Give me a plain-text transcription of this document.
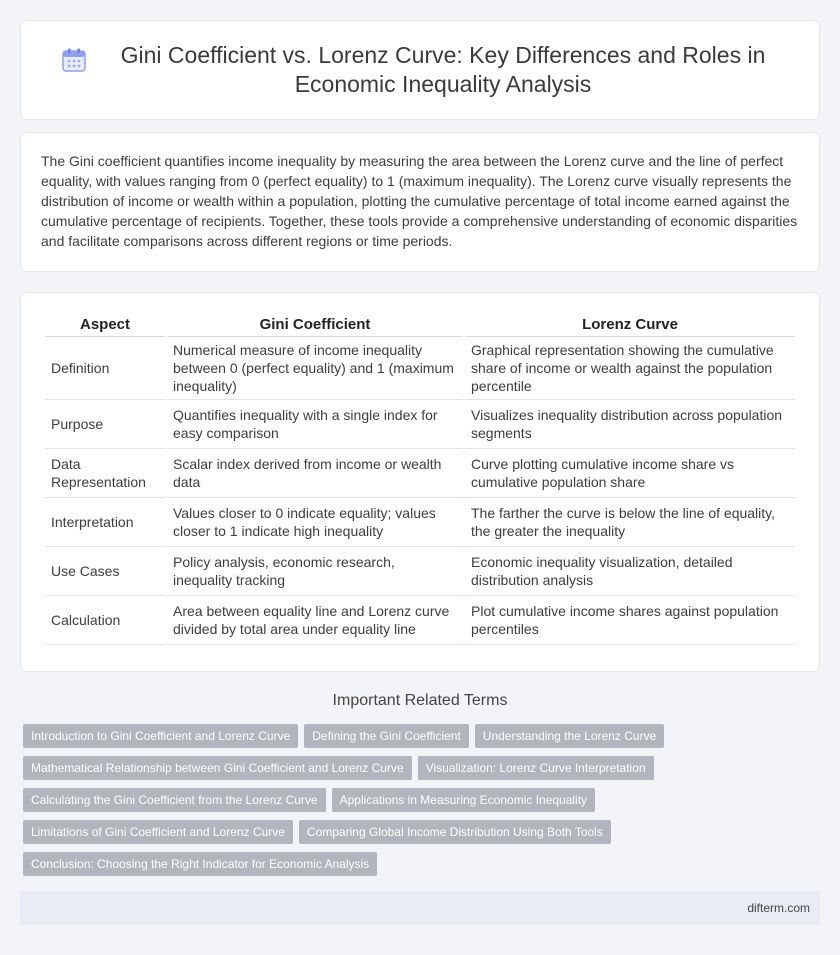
Gini Coefficient vs. Lorenz Curve: Key Differences and Roles in Economic Inequality Analysis

The Gini coefficient quantifies income inequality by measuring the area between the Lorenz curve and the line of perfect equality, with values ranging from 0 (perfect equality) to 1 (maximum inequality). The Lorenz curve visually represents the distribution of income or wealth within a population, plotting the cumulative percentage of total income earned against the cumulative percentage of recipients. Together, these tools provide a comprehensive understanding of economic disparities and facilitate comparisons across different regions or time periods.

Aspect	Gini Coefficient	Lorenz Curve
Definition	Numerical measure of income inequality between 0 (perfect equality) and 1 (maximum inequality)	Graphical representation showing the cumulative share of income or wealth against the population percentile
Purpose	Quantifies inequality with a single index for easy comparison	Visualizes inequality distribution across population segments
Data Representation	Scalar index derived from income or wealth data	Curve plotting cumulative income share vs cumulative population share
Interpretation	Values closer to 0 indicate equality; values closer to 1 indicate high inequality	The farther the curve is below the line of equality, the greater the inequality
Use Cases	Policy analysis, economic research, inequality tracking	Economic inequality visualization, detailed distribution analysis
Calculation	Area between equality line and Lorenz curve divided by total area under equality line	Plot cumulative income shares against population percentiles
Important Related Terms
Introduction to Gini Coefficient and Lorenz Curve Defining the Gini Coefficient Understanding the Lorenz Curve
Mathematical Relationship between Gini Coefficient and Lorenz Curve Visualization: Lorenz Curve Interpretation
Calculating the Gini Coefficient from the Lorenz Curve Applications in Measuring Economic Inequality
Limitations of Gini Coefficient and Lorenz Curve Comparing Global Income Distribution Using Both Tools
Conclusion: Choosing the Right Indicator for Economic Analysis
difterm.com
